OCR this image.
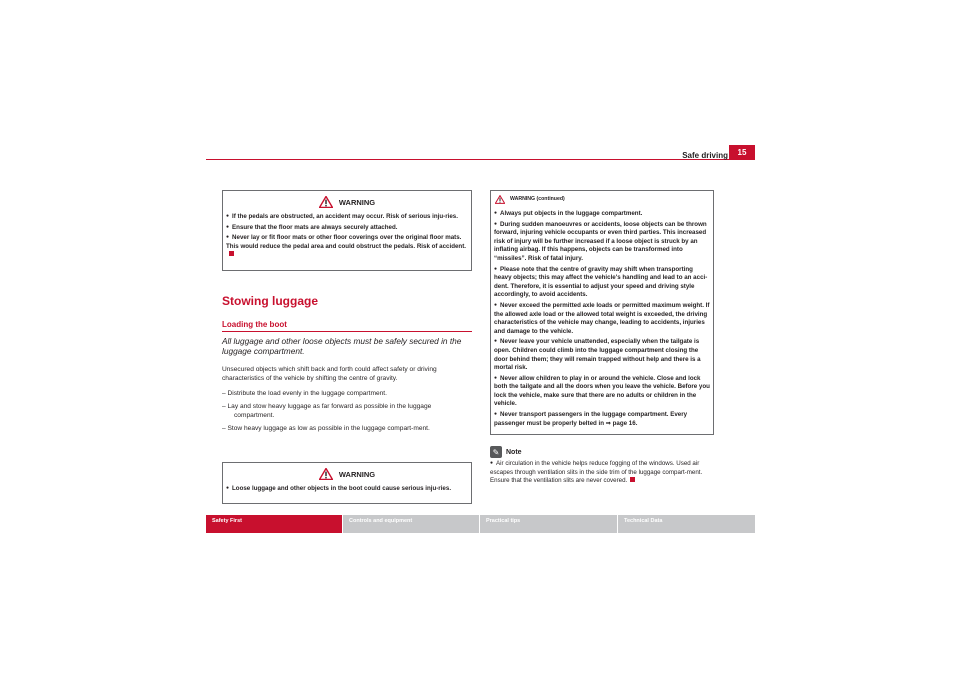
Safe driving	15
WARNING

● If the pedals are obstructed, an accident may occur. Risk of serious inju-ries.

● Ensure that the floor mats are always securely attached.

● Never lay or fit floor mats or other floor coverings over the original floor mats. This would reduce the pedal area and could obstruct the pedals. Risk of accident.

Stowing luggage
Loading the boot
All luggage and other loose objects must be safely secured in the luggage compartment.
Unsecured objects which shift back and forth could affect safety or driving characteristics of the vehicle by shifting the centre of gravity.

– Distribute the load evenly in the luggage compartment.

– Lay and stow heavy luggage as far forward as possible in the luggage compartment.

– Stow heavy luggage as low as possible in the luggage compart-ment.

WARNING

● Loose luggage and other objects in the boot could cause serious inju-ries.

WARNING (continued)

● Always put objects in the luggage compartment.

● During sudden manoeuvres or accidents, loose objects can be thrown forward, injuring vehicle occupants or even third parties. This increased risk of injury will be further increased if a loose object is struck by an inflating airbag. If this happens, objects can be transformed into “missiles”. Risk of fatal injury.

● Please note that the centre of gravity may shift when transporting heavy objects; this may affect the vehicle's handling and lead to an acci-dent. Therefore, it is essential to adjust your speed and driving style accordingly, to avoid accidents.

● Never exceed the permitted axle loads or permitted maximum weight. If the allowed axle load or the allowed total weight is exceeded, the driving characteristics of the vehicle may change, leading to accidents, injuries and damage to the vehicle.

● Never leave your vehicle unattended, especially when the tailgate is open. Children could climb into the luggage compartment closing the door behind them; they will remain trapped without help and there is a mortal risk.

● Never allow children to play in or around the vehicle. Close and lock both the tailgate and all the doors when you leave the vehicle. Before you lock the vehicle, make sure that there are no adults or children in the vehicle.

● Never transport passengers in the luggage compartment. Every passenger must be properly belted in ⇒ page 16.

✎ Note
● Air circulation in the vehicle helps reduce fogging of the windows. Used air escapes through ventilation slits in the side trim of the luggage compart-ment. Ensure that the ventilation slits are never covered.
Safety First	Controls and equipment	Practical tips	Technical Data
